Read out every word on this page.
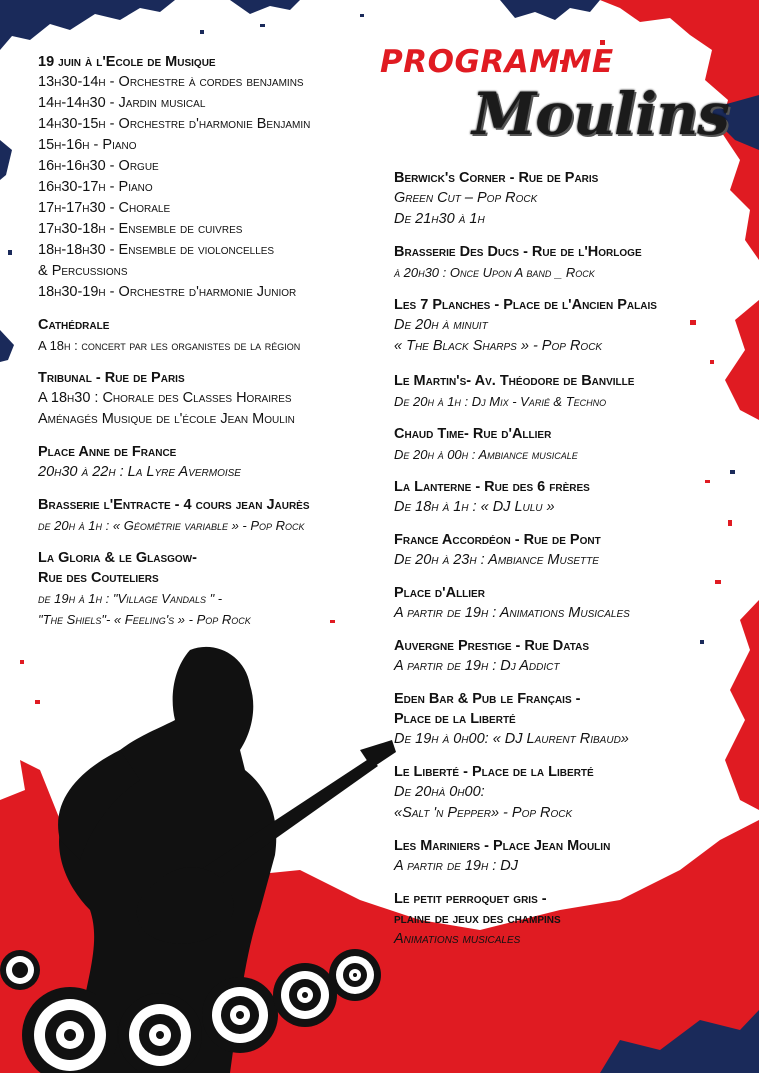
PROGRAMME
Moulins
19 juin à l'Ecole de Musique
13h30-14h - Orchestre à cordes benjamins
14h-14h30 - Jardin musical
14h30-15h - Orchestre d'harmonie Benjamin
15h-16h - Piano
16h-16h30 - Orgue
16h30-17h - Piano
17h-17h30 - Chorale
17h30-18h - Ensemble de cuivres
18h-18h30 - Ensemble de violoncelles
& Percussions
18h30-19h - Orchestre d'harmonie Junior
Cathédrale
A 18h : concert par les organistes de la région
Tribunal - Rue de Paris
A 18h30 : Chorale des Classes Horaires
Aménagés Musique de l'école Jean Moulin
Place Anne de France
20h30 à 22h : La Lyre Avermoise
Brasserie l'Entracte - 4 cours jean Jaurès
de 20h à 1h : « Géométrie variable » - Pop Rock
La Gloria & le Glasgow-
Rue des Couteliers
de 19h à 1h : "Village Vandals " -
"The Shiels"- « Feeling's » - Pop Rock
Berwick's Corner - Rue de Paris
Green Cut – Pop Rock
De 21h30 à 1h
Brasserie Des Ducs - Rue de l'Horloge
à 20h30 : Once Upon A band _ Rock
Les 7 Planches - Place de l'Ancien Palais
De 20h à minuit
« The Black Sharps » - Pop Rock
Le Martin's- Av. Théodore de Banville
De 20h à 1h : Dj Mix - Varié & Techno
Chaud Time- Rue d'Allier
De 20h à 00h : Ambiance musicale
La Lanterne - Rue des 6 frères
De 18h à 1h : « DJ Lulu »
France Accordéon - Rue de Pont
De 20h à 23h : Ambiance Musette
Place d'Allier
A partir de 19h : Animations Musicales
Auvergne Prestige - Rue Datas
A partir de 19h : Dj Addict
Eden Bar & Pub le Français -
Place de la Liberté
De 19h à 0h00: « DJ Laurent Ribaud»
Le Liberté - Place de la Liberté
De 20hà 0h00:
«Salt 'n Pepper» - Pop Rock
Les Mariniers - Place Jean Moulin
A partir de 19h : DJ
Le petit perroquet gris -
plaine de jeux des champins
Animations musicales
